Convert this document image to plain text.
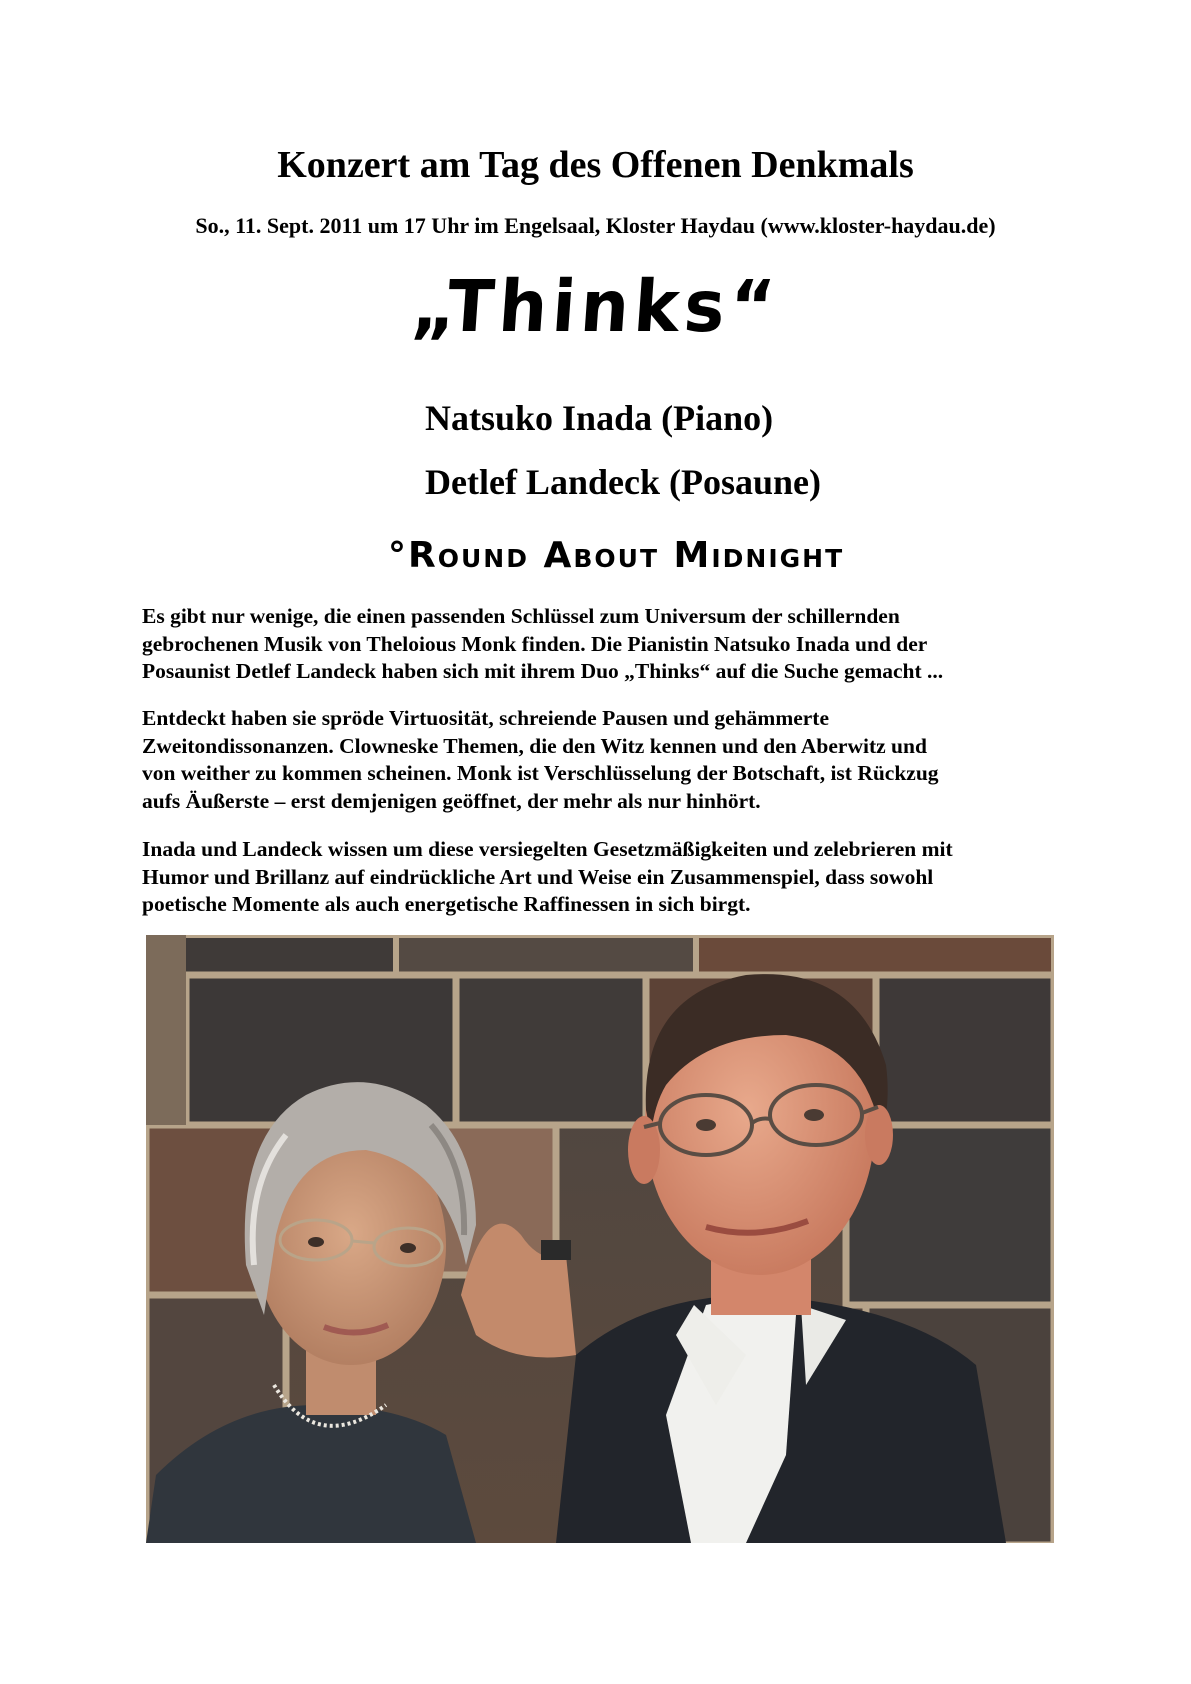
Konzert am Tag des Offenen Denkmals
So., 11. Sept. 2011 um 17 Uhr im Engelsaal, Kloster Haydau (www.kloster-haydau.de)
„Thinks“
Natsuko Inada (Piano)
Detlef Landeck (Posaune)
°Round About Midnight
Es gibt nur wenige, die einen passenden Schlüssel zum Universum der schillernden
gebrochenen Musik von Theloious Monk finden. Die Pianistin Natsuko Inada und der
Posaunist Detlef Landeck haben sich mit ihrem Duo „Thinks“ auf die Suche gemacht ...
Entdeckt haben sie spröde Virtuosität, schreiende Pausen und gehämmerte
Zweitondissonanzen. Clowneske Themen, die den Witz kennen und den Aberwitz und
von weither zu kommen scheinen. Monk ist Verschlüsselung der Botschaft, ist Rückzug
aufs Äußerste – erst demjenigen geöffnet, der mehr als nur hinhört.
Inada und Landeck wissen um diese versiegelten Gesetzmäßigkeiten und zelebrieren mit
Humor und Brillanz auf eindrückliche Art und Weise ein Zusammenspiel, dass sowohl
poetische Momente als auch energetische Raffinessen in sich birgt.
